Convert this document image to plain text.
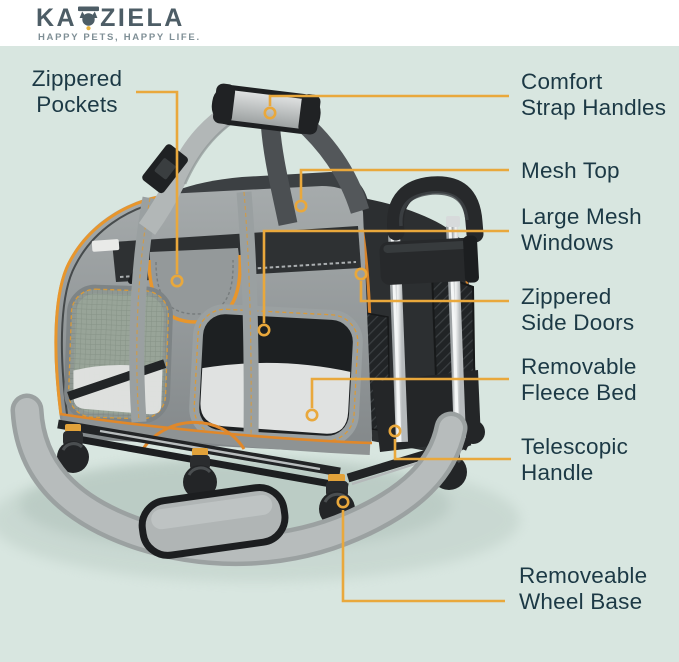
KA ZIELA
HAPPY PETS, HAPPY LIFE.
Zippered
Pockets
Comfort
Strap Handles
Mesh Top
Large Mesh
Windows
Zippered
Side Doors
Removable
Fleece Bed
Telescopic
Handle
Removeable
Wheel Base
